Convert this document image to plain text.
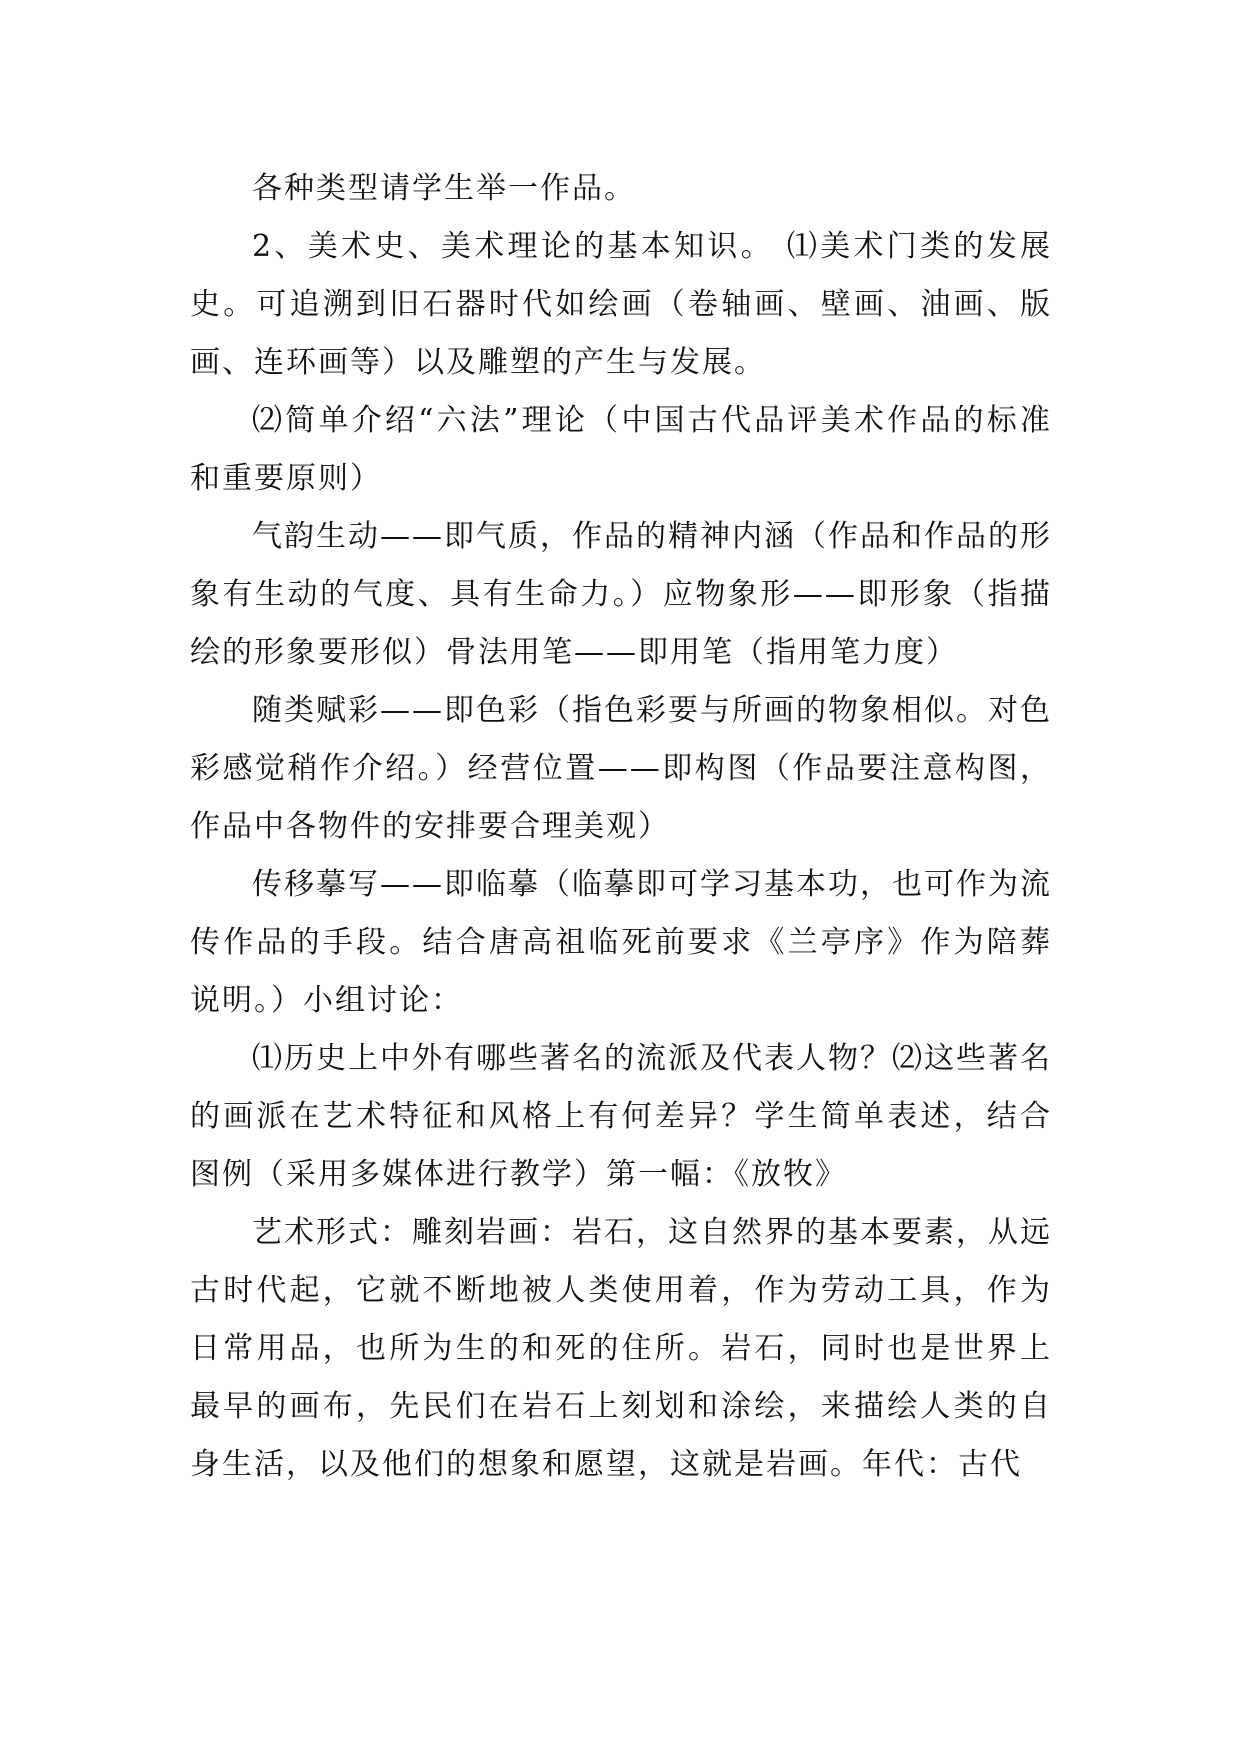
各种类型请学生举一作品。

2、美术史、美术理论的基本知识。 ⑴美术门类的发展史。可追溯到旧石器时代如绘画（卷轴画、壁画、油画、版画、连环画等）以及雕塑的产生与发展。

⑵简单介绍“六法”理论（中国古代品评美术作品的标准和重要原则）

气韵生动——即气质，作品的精神内涵（作品和作品的形象有生动的气度、具有生命力。）应物象形——即形象（指描绘的形象要形似）骨法用笔——即用笔（指用笔力度）

随类赋彩——即色彩（指色彩要与所画的物象相似。对色彩感觉稍作介绍。）经营位置——即构图（作品要注意构图，作品中各物件的安排要合理美观）

传移摹写——即临摹（临摹即可学习基本功，也可作为流传作品的手段。结合唐高祖临死前要求《兰亭序》作为陪葬说明。）小组讨论：

⑴历史上中外有哪些著名的流派及代表人物？⑵这些著名的画派在艺术特征和风格上有何差异？学生简单表述，结合图例（采用多媒体进行教学）第一幅：《放牧》

艺术形式：雕刻岩画：岩石，这自然界的基本要素，从远古时代起，它就不断地被人类使用着，作为劳动工具，作为日常用品，也所为生的和死的住所。岩石，同时也是世界上最早的画布，先民们在岩石上刻划和涂绘，来描绘人类的自身生活，以及他们的想象和愿望，这就是岩画。年代：古代
